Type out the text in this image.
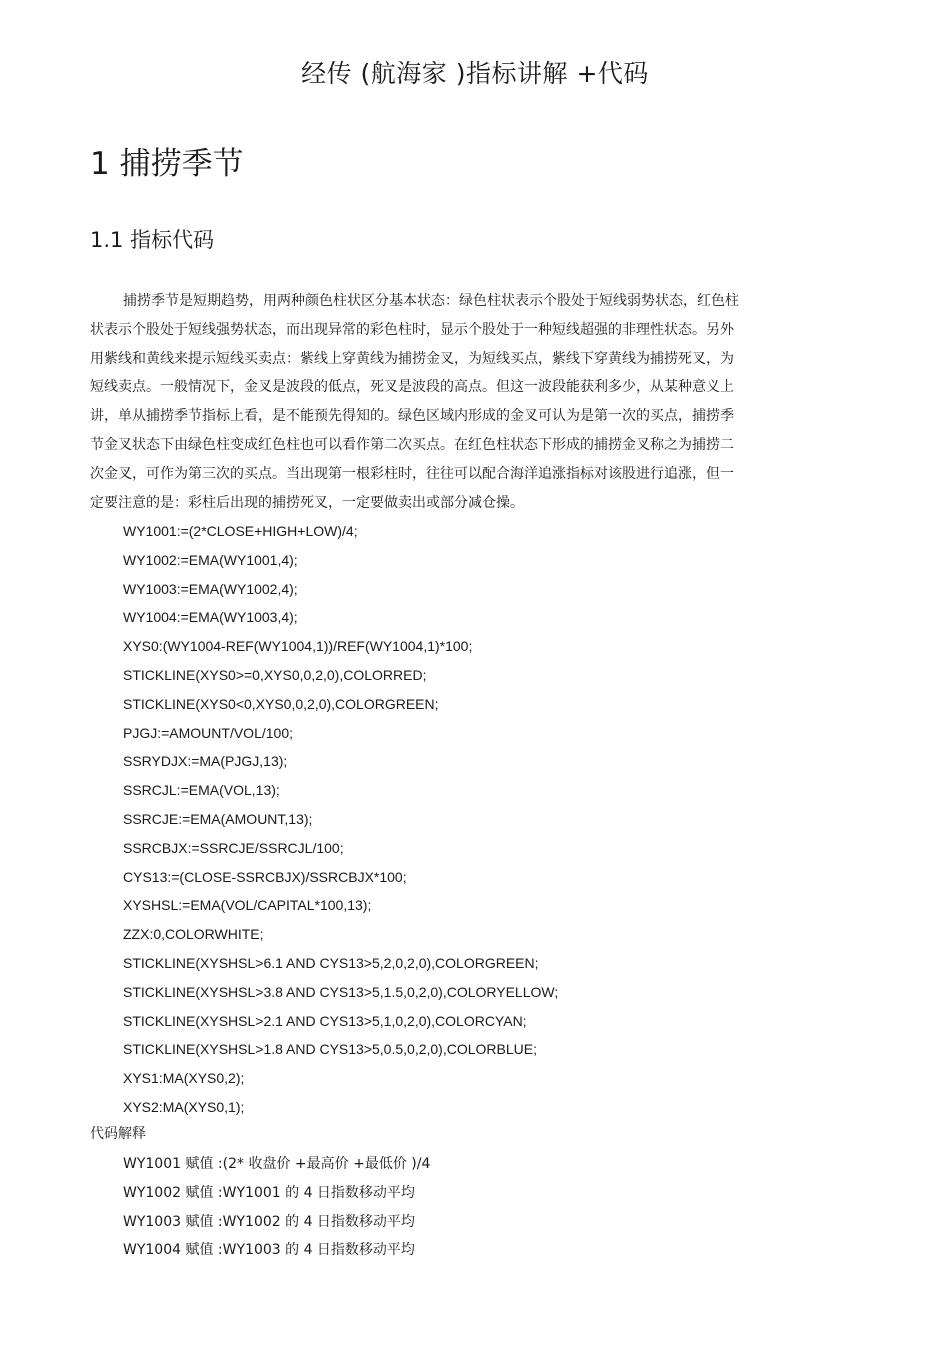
经传 (航海家 )指标讲解 +代码
1 捕捞季节
1.1 指标代码
捕捞季节是短期趋势，用两种颜色柱状区分基本状态：绿色柱状表示个股处于短线弱势状态，红色柱
状表示个股处于短线强势状态，而出现异常的彩色柱时，显示个股处于一种短线超强的非理性状态。另外
用紫线和黄线来提示短线买卖点：紫线上穿黄线为捕捞金叉，为短线买点，紫线下穿黄线为捕捞死叉，为
短线卖点。一般情况下，金叉是波段的低点，死叉是波段的高点。但这一波段能获利多少，从某种意义上
讲，单从捕捞季节指标上看，是不能预先得知的。绿色区域内形成的金叉可认为是第一次的买点，捕捞季
节金叉状态下由绿色柱变成红色柱也可以看作第二次买点。在红色柱状态下形成的捕捞金叉称之为捕捞二
次金叉，可作为第三次的买点。当出现第一根彩柱时，往往可以配合海洋追涨指标对该股进行追涨，但一
定要注意的是：彩柱后出现的捕捞死叉，一定要做卖出或部分减仓操。
WY1001:=(2*CLOSE+HIGH+LOW)/4;
WY1002:=EMA(WY1001,4);
WY1003:=EMA(WY1002,4);
WY1004:=EMA(WY1003,4);
XYS0:(WY1004-REF(WY1004,1))/REF(WY1004,1)*100;
STICKLINE(XYS0>=0,XYS0,0,2,0),COLORRED;
STICKLINE(XYS0<0,XYS0,0,2,0),COLORGREEN;
PJGJ:=AMOUNT/VOL/100;
SSRYDJX:=MA(PJGJ,13);
SSRCJL:=EMA(VOL,13);
SSRCJE:=EMA(AMOUNT,13);
SSRCBJX:=SSRCJE/SSRCJL/100;
CYS13:=(CLOSE-SSRCBJX)/SSRCBJX*100;
XYSHSL:=EMA(VOL/CAPITAL*100,13);
ZZX:0,COLORWHITE;
STICKLINE(XYSHSL>6.1 AND CYS13>5,2,0,2,0),COLORGREEN;
STICKLINE(XYSHSL>3.8 AND CYS13>5,1.5,0,2,0),COLORYELLOW;
STICKLINE(XYSHSL>2.1 AND CYS13>5,1,0,2,0),COLORCYAN;
STICKLINE(XYSHSL>1.8 AND CYS13>5,0.5,0,2,0),COLORBLUE;
XYS1:MA(XYS0,2);
XYS2:MA(XYS0,1);
代码解释
WY1001 赋值 :(2* 收盘价 +最高价 +最低价 )/4
WY1002 赋值 :WY1001 的 4 日指数移动平均
WY1003 赋值 :WY1002 的 4 日指数移动平均
WY1004 赋值 :WY1003 的 4 日指数移动平均
